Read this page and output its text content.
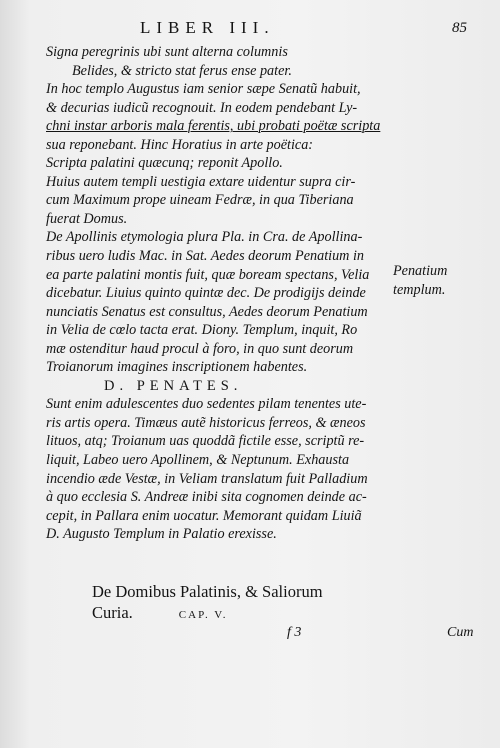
LIBER III.	85
Signa peregrinis ubi sunt alterna columnis
Belides, & stricto stat ferus ense pater.
In hoc templo Augustus iam senior sæpe Senatũ habuit,
& decurias iudicũ recognouit. In eodem pendebant Ly-
chni instar arboris mala ferentis, ubi probati poëtæ scripta
sua reponebant. Hinc Horatius in arte poëtica:
Scripta palatini quæcunq; reponit Apollo.
Huius autem templi uestigia extare uidentur supra cir-
cum Maximum prope uineam Fedræ, in qua Tiberiana
fuerat Domus.
De Apollinis etymologia plura Pla. in Cra. de Apollina-
ribus uero ludis Mac. in Sat. Aedes deorum Penatium in
ea parte palatini montis fuit, quæ boream spectans, Velia
dicebatur. Liuius quinto quintæ dec. De prodigijs deinde
nunciatis Senatus est consultus, Aedes deorum Penatium
in Velia de cœlo tacta erat. Diony. Templum, inquit, Ro
mæ ostenditur haud procul à foro, in quo sunt deorum
Troianorum imagines inscriptionem habentes.
D. PENATES.
Sunt enim adulescentes duo sedentes pilam tenentes ute-
ris artis opera. Timæus autẽ historicus ferreos, & æneos
lituos, atq; Troianum uas quoddã fictile esse, scriptũ re-
liquit, Labeo uero Apollinem, & Neptunum. Exhausta
incendio æde Vestæ, in Veliam translatum fuit Palladium
à quo ecclesia S. Andreæ inibi sita cognomen deinde ac-
cepit, in Pallara enim uocatur. Memorant quidam Liuiã
D. Augusto Templum in Palatio erexisse.
Penatium
templum.
De Domibus Palatinis, & Saliorum
Curia.	CAP. V.
f 3	Cum
